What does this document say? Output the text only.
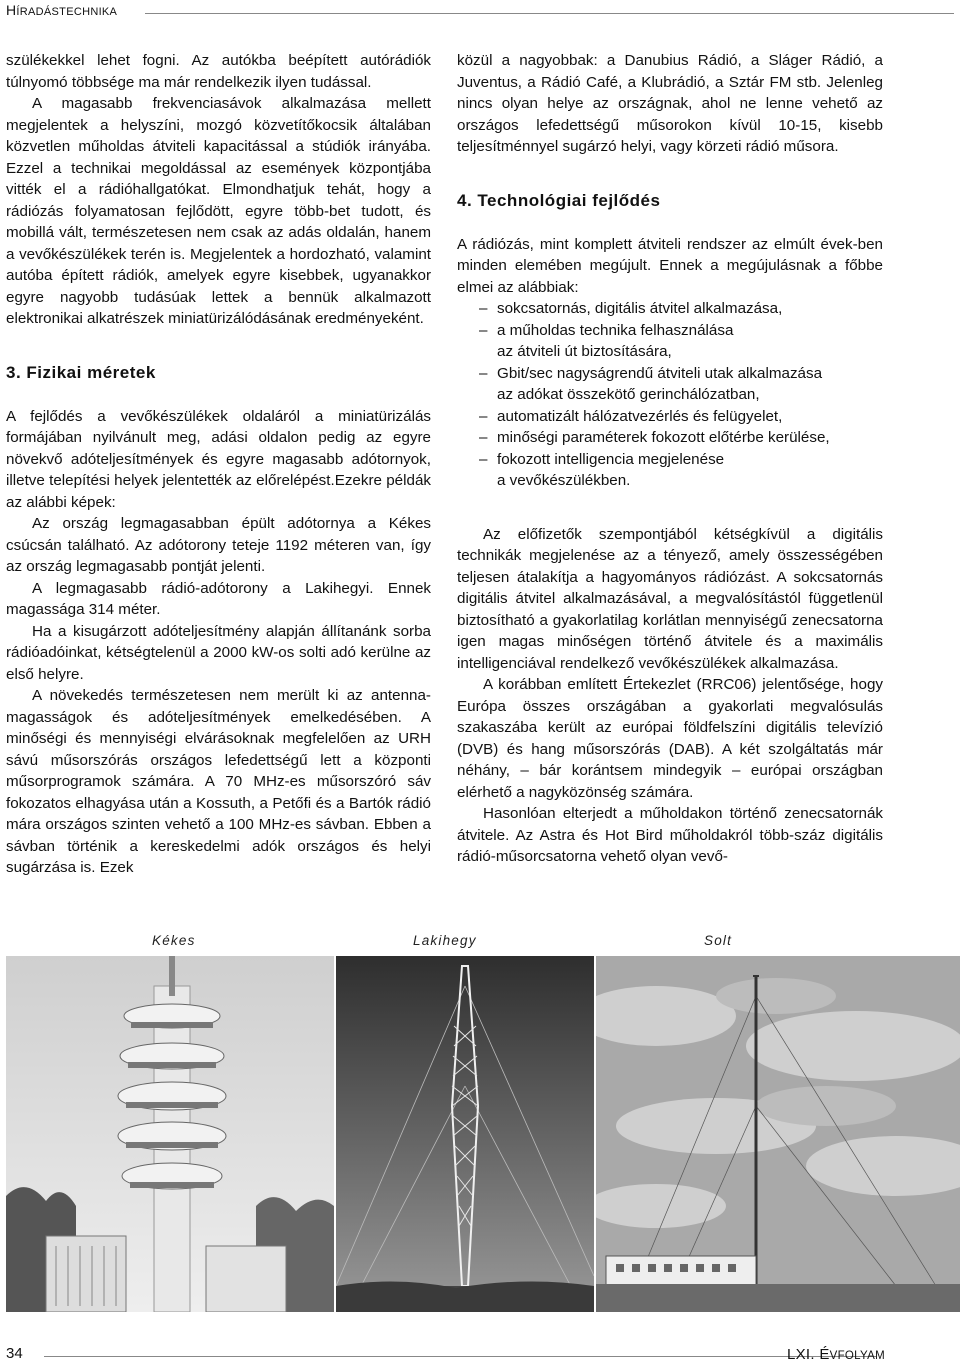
HÍRADÁSTECHNIKA

szülékekkel lehet fogni. Az autókba beépített autórádiók túlnyomó többsége ma már rendelkezik ilyen tudással.

A magasabb frekvenciasávok alkalmazása mellett megjelentek a helyszíni, mozgó közvetítőkocsik általában közvetlen műholdas átviteli kapacitással a stúdiók irányába. Ezzel a technikai megoldással az események központjába vitték el a rádióhallgatókat. Elmondhatjuk tehát, hogy a rádiózás folyamatosan fejlődött, egyre több-bet tudott, és mobillá vált, természetesen nem csak az adás oldalán, hanem a vevőkészülékek terén is. Megjelentek a hordozható, valamint autóba épített rádiók, amelyek egyre kisebbek, ugyanakkor egyre nagyobb tudásúak lettek a bennük alkalmazott elektronikai alkatrészek miniatürizálódásának eredményeként.

3. Fizikai méretek

A fejlődés a vevőkészülékek oldaláról a miniatürizálás formájában nyilvánult meg, adási oldalon pedig az egyre növekvő adóteljesítmények és egyre magasabb adótornyok, illetve telepítési helyek jelentették az előrelépést.Ezekre példák az alábbi képek:

Az ország legmagasabban épült adótornya a Kékes csúcsán található. Az adótorony teteje 1192 méteren van, így az ország legmagasabb pontját jelenti.

A legmagasabb rádió-adótorony a Lakihegyi. Ennek magassága 314 méter.

Ha a kisugárzott adóteljesítmény alapján állítanánk sorba rádióadóinkat, kétségtelenül a 2000 kW-os solti adó kerülne az első helyre.

A növekedés természetesen nem merült ki az antenna-magasságok és adóteljesítmények emelkedésében. A minőségi és mennyiségi elvárásoknak megfelelően az URH sávú műsorszórás országos lefedettségű lett a központi műsorprogramok számára. A 70 MHz-es műsorszóró sáv fokozatos elhagyása után a Kossuth, a Petőfi és a Bartók rádió mára országos szinten vehető a 100 MHz-es sávban. Ebben a sávban történik a kereskedelmi adók országos és helyi sugárzása is. Ezek

közül a nagyobbak: a Danubius Rádió, a Sláger Rádió, a Juventus, a Rádió Café, a Klubrádió, a Sztár FM stb. Jelenleg nincs olyan helye az országnak, ahol ne lenne vehető az országos lefedettségű műsorokon kívül 10-15, kisebb teljesítménnyel sugárzó helyi, vagy körzeti rádió műsora.

4. Technológiai fejlődés

A rádiózás, mint komplett átviteli rendszer az elmúlt évek-ben minden elemében megújult. Ennek a megújulásnak a főbbe elmei az alábbiak:

– sokcsatornás, digitális átvitel alkalmazása,
– a műholdas technika felhasználása
az átviteli út biztosítására,
– Gbit/sec nagyságrendű átviteli utak alkalmazása
az adókat összekötő gerinchálózatban,
– automatizált hálózatvezérlés és felügyelet,
– minőségi paraméterek fokozott előtérbe kerülése,
– fokozott intelligencia megjelenése
a vevőkészülékben.

Az előfizetők szempontjából kétségkívül a digitális technikák megjelenése az a tényező, amely összességében teljesen átalakítja a hagyományos rádiózást. A sokcsatornás digitális átvitel alkalmazásával, a megvalósítástól függetlenül biztosítható a gyakorlatilag korlátlan mennyiségű zenecsatorna igen magas minőségen történő átvitele és a maximális intelligenciával rendelkező vevőkészülékek alkalmazása.

A korábban említett Értekezlet (RRC06) jelentősége, hogy Európa összes országában a gyakorlati megvalósulás szakaszába került az európai földfelszíni digitális televízió (DVB) és hang műsorszórás (DAB). A két szolgáltatás már néhány, – bár korántsem mindegyik – európai országban elérhető a nagyközönség számára.

Hasonlóan elterjedt a műholdakon történő zenecsatornák átvitele. Az Astra és Hot Bird műholdakról több-száz digitális rádió-műsorcsatorna vehető olyan vevő-

Kékes	Lakihegy	Solt
34	LXI. ÉVFOLYAM
